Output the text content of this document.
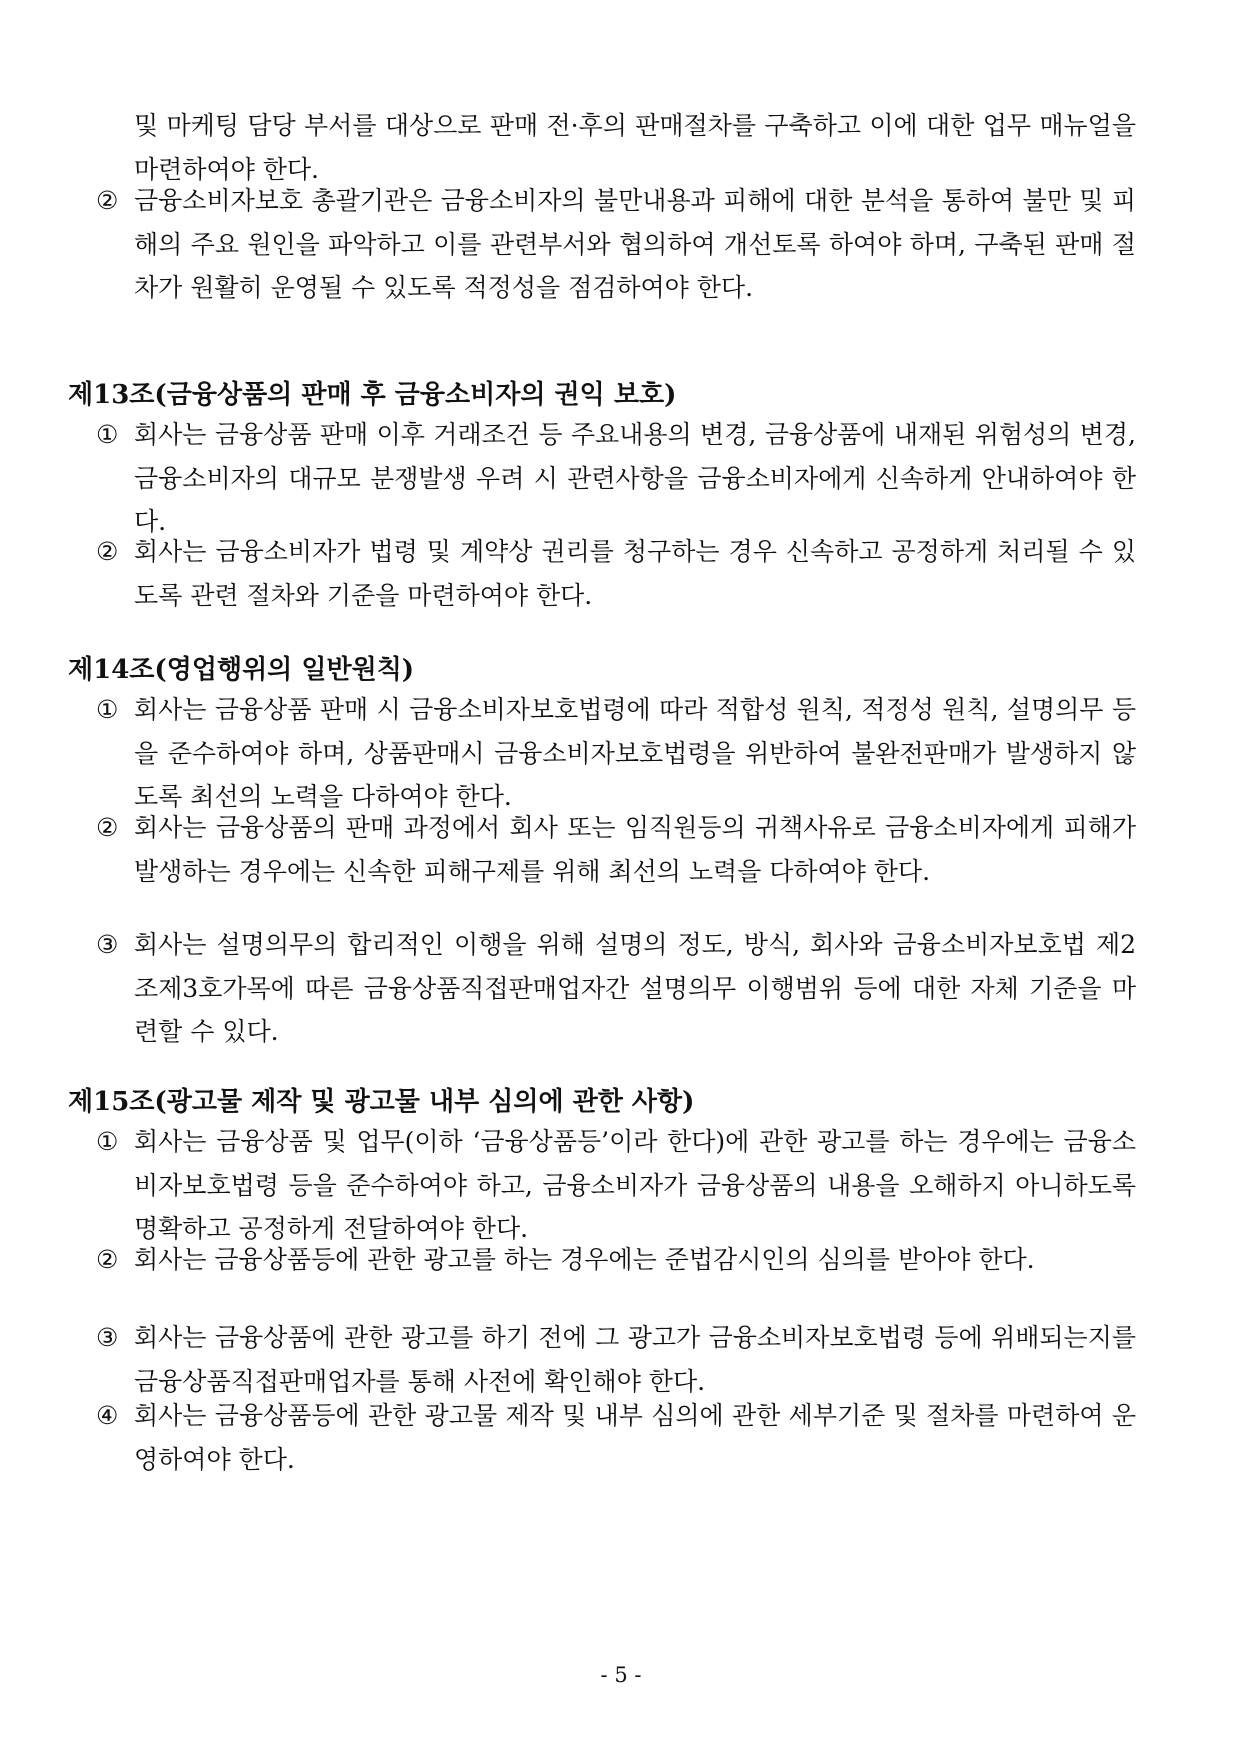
및 마케팅 담당 부서를 대상으로 판매 전·후의 판매절차를 구축하고 이에 대한 업무 매뉴얼을 마련하여야 한다.
② 금융소비자보호 총괄기관은 금융소비자의 불만내용과 피해에 대한 분석을 통하여 불만 및 피해의 주요 원인을 파악하고 이를 관련부서와 협의하여 개선토록 하여야 하며, 구축된 판매 절차가 원활히 운영될 수 있도록 적정성을 점검하여야 한다.
제13조(금융상품의 판매 후 금융소비자의 권익 보호)
① 회사는 금융상품 판매 이후 거래조건 등 주요내용의 변경, 금융상품에 내재된 위험성의 변경, 금융소비자의 대규모 분쟁발생 우려 시 관련사항을 금융소비자에게 신속하게 안내하여야 한다.
② 회사는 금융소비자가 법령 및 계약상 권리를 청구하는 경우 신속하고 공정하게 처리될 수 있도록 관련 절차와 기준을 마련하여야 한다.
제14조(영업행위의 일반원칙)
① 회사는 금융상품 판매 시 금융소비자보호법령에 따라 적합성 원칙, 적정성 원칙, 설명의무 등을 준수하여야 하며, 상품판매시 금융소비자보호법령을 위반하여 불완전판매가 발생하지 않도록 최선의 노력을 다하여야 한다.
② 회사는 금융상품의 판매 과정에서 회사 또는 임직원등의 귀책사유로 금융소비자에게 피해가 발생하는 경우에는 신속한 피해구제를 위해 최선의 노력을 다하여야 한다.
③ 회사는 설명의무의 합리적인 이행을 위해 설명의 정도, 방식, 회사와 금융소비자보호법 제2조제3호가목에 따른 금융상품직접판매업자간 설명의무 이행범위 등에 대한 자체 기준을 마련할 수 있다.
제15조(광고물 제작 및 광고물 내부 심의에 관한 사항)
① 회사는 금융상품 및 업무(이하 ‘금융상품등’이라 한다)에 관한 광고를 하는 경우에는 금융소비자보호법령 등을 준수하여야 하고, 금융소비자가 금융상품의 내용을 오해하지 아니하도록 명확하고 공정하게 전달하여야 한다.
② 회사는 금융상품등에 관한 광고를 하는 경우에는 준법감시인의 심의를 받아야 한다.
③ 회사는 금융상품에 관한 광고를 하기 전에 그 광고가 금융소비자보호법령 등에 위배되는지를 금융상품직접판매업자를 통해 사전에 확인해야 한다.
④ 회사는 금융상품등에 관한 광고물 제작 및 내부 심의에 관한 세부기준 및 절차를 마련하여 운영하여야 한다.
- 5 -
